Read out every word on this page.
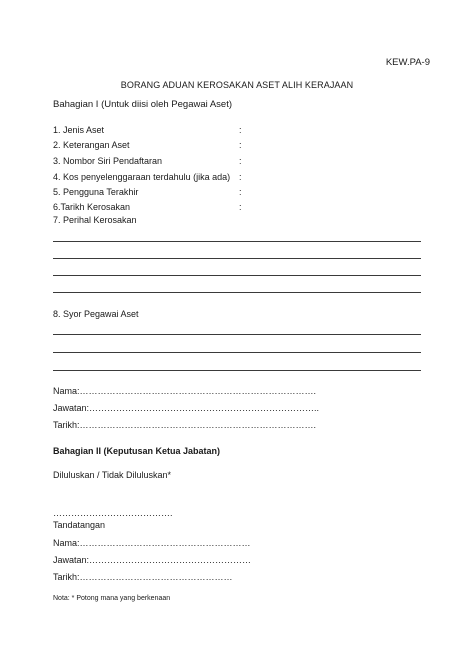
KEW.PA-9
BORANG ADUAN KEROSAKAN ASET ALIH KERAJAAN
Bahagian I (Untuk diisi oleh Pegawai Aset)
1. Jenis Aset	:
2. Keterangan Aset	:
3. Nombor Siri Pendaftaran	:
4. Kos penyelenggaraan terdahulu (jika ada) :
5. Pengguna Terakhir	:
6.Tarikh Kerosakan	:
7. Perihal Kerosakan
8. Syor Pegawai Aset
Nama:…………………………………………………………………….
Jawatan:…………………………………………………………………..
Tarikh:…………………………………………………………………….
Bahagian II (Keputusan Ketua Jabatan)
Diluluskan / Tidak Diluluskan*
………………………………….
Tandatangan
Nama:…………………………………………………
Jawatan:………………………………………………
Tarikh:……………………………………………
Nota: * Potong mana yang berkenaan
